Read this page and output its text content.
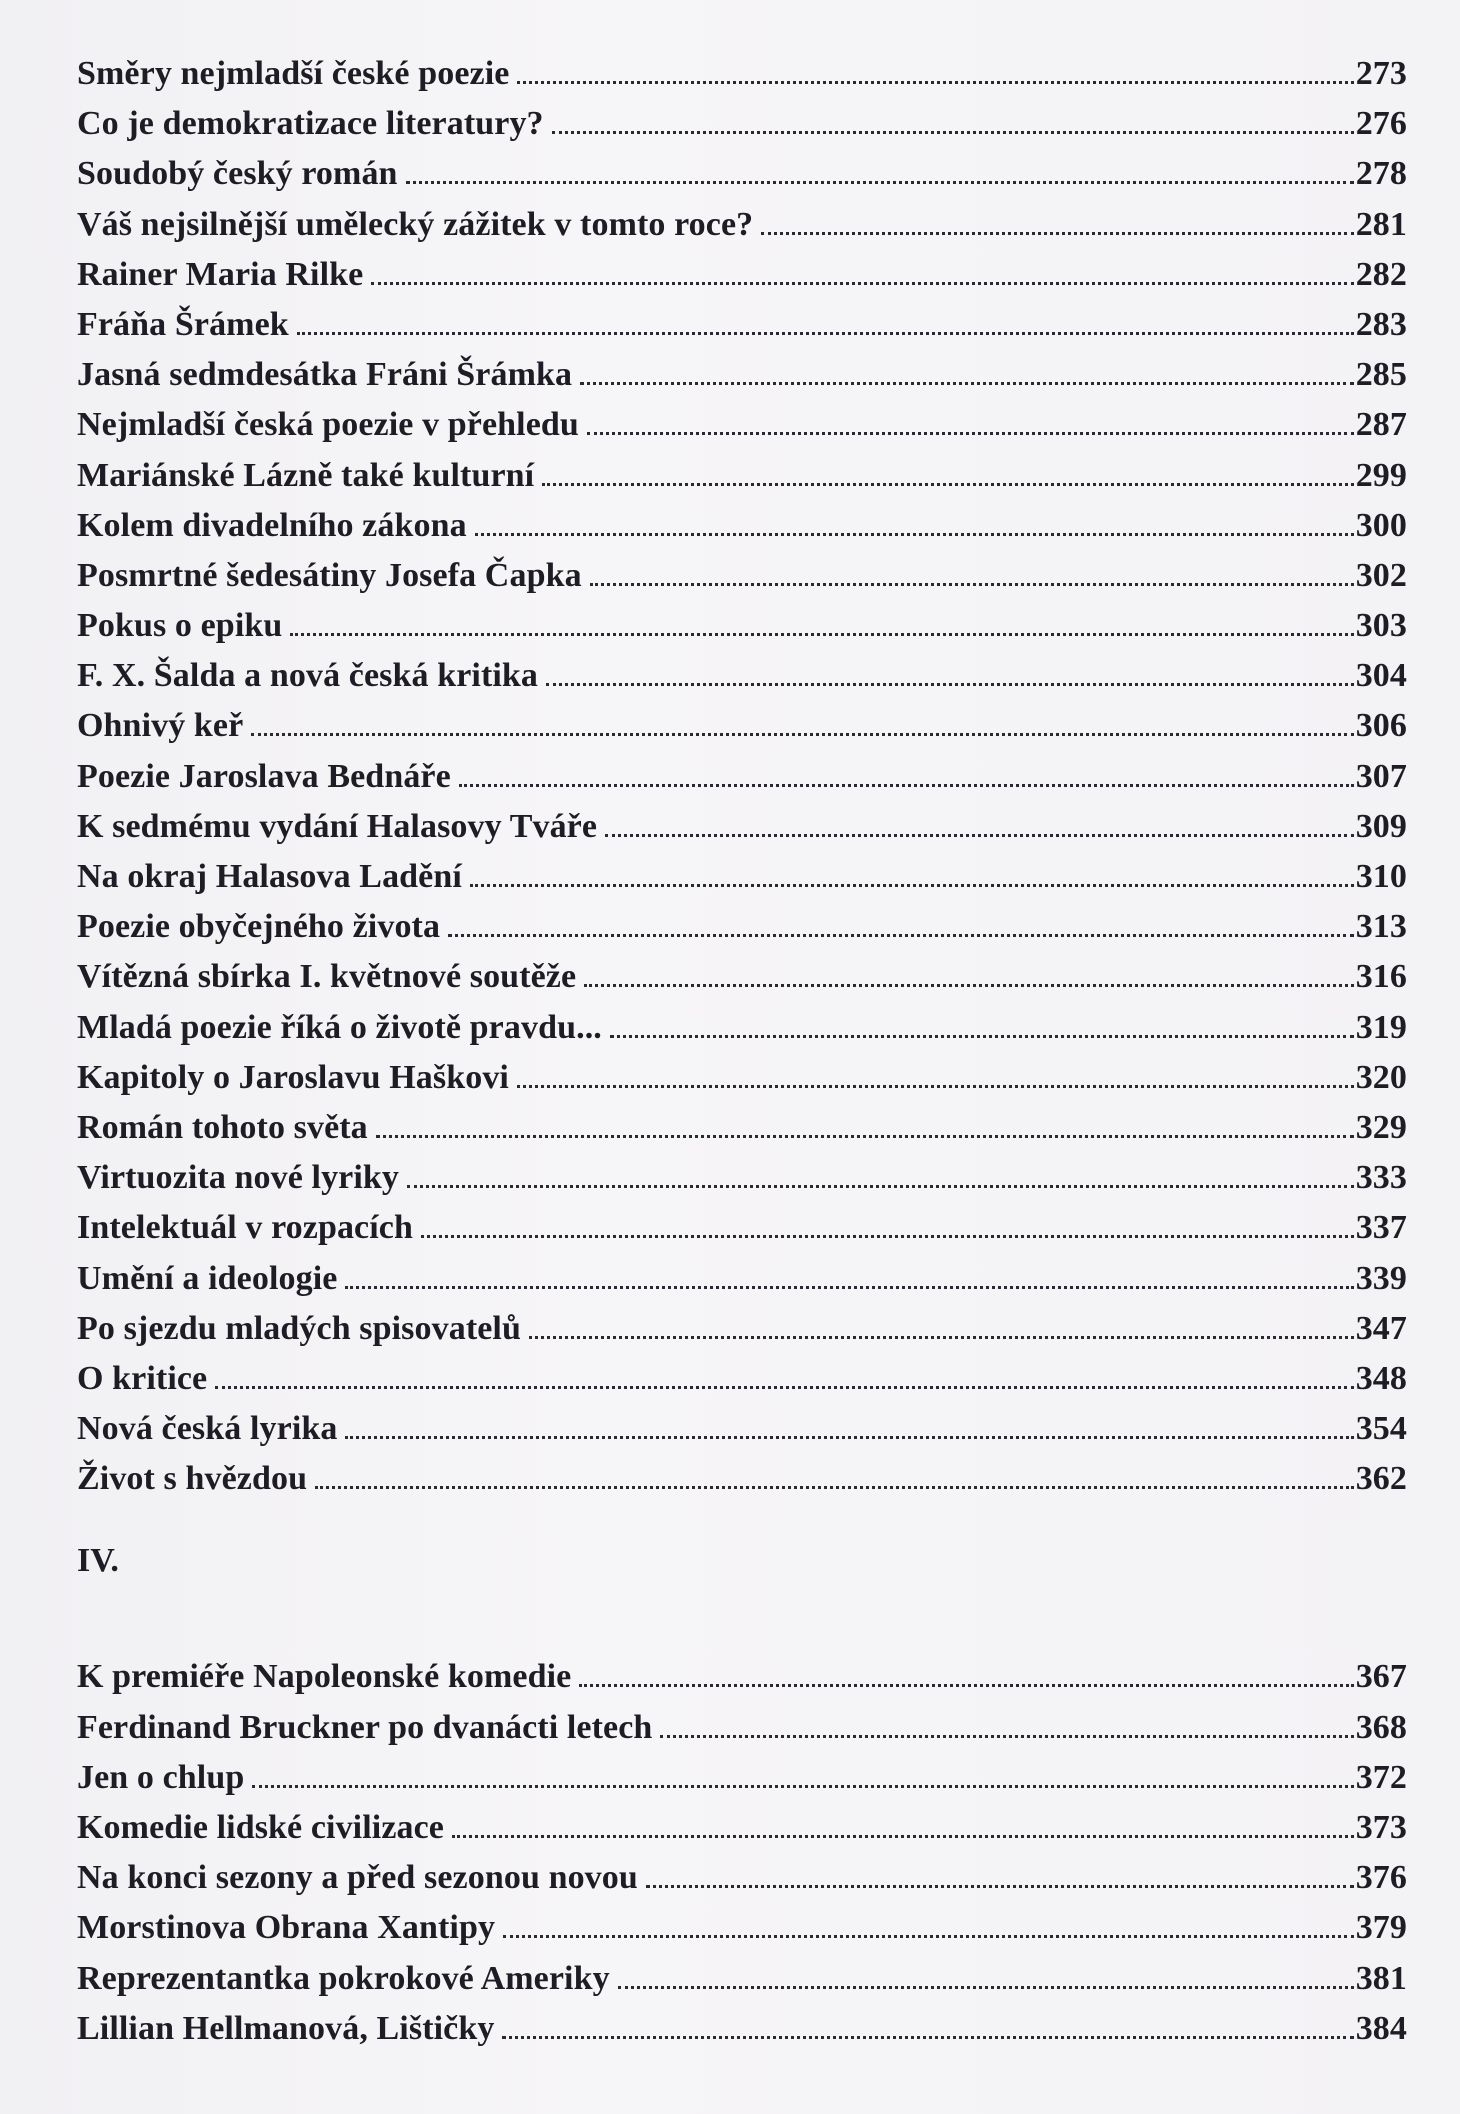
Směry nejmladší české poezie	273
Co je demokratizace literatury?	276
Soudobý český román	278
Váš nejsilnější umělecký zážitek v tomto roce?	281
Rainer Maria Rilke	282
Fráňa Šrámek	283
Jasná sedmdesátka Fráni Šrámka	285
Nejmladší česká poezie v přehledu	287
Mariánské Lázně také kulturní	299
Kolem divadelního zákona	300
Posmrtné šedesátiny Josefa Čapka	302
Pokus o epiku	303
F. X. Šalda a nová česká kritika	304
Ohnivý keř	306
Poezie Jaroslava Bednáře	307
K sedmému vydání Halasovy Tváře	309
Na okraj Halasova Ladění	310
Poezie obyčejného života	313
Vítězná sbírka I. květnové soutěže	316
Mladá poezie říká o životě pravdu...	319
Kapitoly o Jaroslavu Haškovi	320
Román tohoto světa	329
Virtuozita nové lyriky	333
Intelektuál v rozpacích	337
Umění a ideologie	339
Po sjezdu mladých spisovatelů	347
O kritice	348
Nová česká lyrika	354
Život s hvězdou	362
IV.
K premiéře Napoleonské komedie	367
Ferdinand Bruckner po dvanácti letech	368
Jen o chlup	372
Komedie lidské civilizace	373
Na konci sezony a před sezonou novou	376
Morstinova Obrana Xantipy	379
Reprezentantka pokrokové Ameriky	381
Lillian Hellmanová, Lištičky	384
